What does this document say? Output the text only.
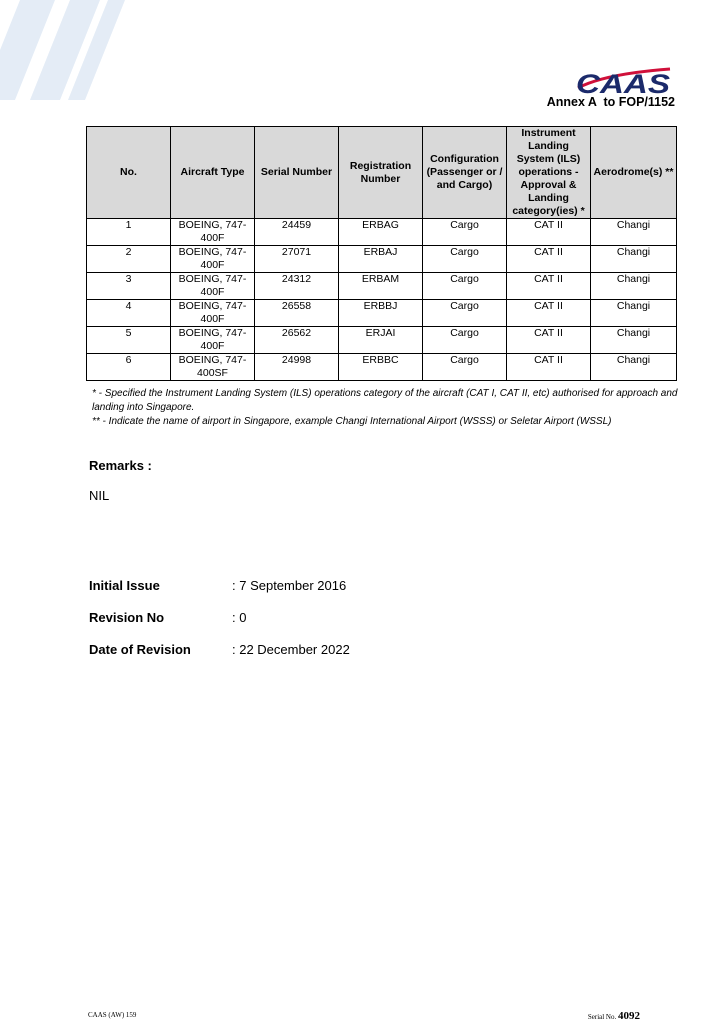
CAAS
Annex A  to FOP/1152
No.	Aircraft Type	Serial Number	Registration Number	Configuration (Passenger or / and Cargo)	Instrument Landing System (ILS) operations - Approval & Landing category(ies) *	Aerodrome(s) **
1	BOEING, 747-400F	24459	ERBAG	Cargo	CAT II	Changi
2	BOEING, 747-400F	27071	ERBAJ	Cargo	CAT II	Changi
3	BOEING, 747-400F	24312	ERBAM	Cargo	CAT II	Changi
4	BOEING, 747-400F	26558	ERBBJ	Cargo	CAT II	Changi
5	BOEING, 747-400F	26562	ERJAI	Cargo	CAT II	Changi
6	BOEING, 747-400SF	24998	ERBBC	Cargo	CAT II	Changi

* - Specified the Instrument Landing System (ILS) operations category of the aircraft (CAT I, CAT II, etc) authorised for approach and landing into Singapore.

** - Indicate the name of airport in Singapore, example Changi International Airport (WSSS) or Seletar Airport (WSSL)

Remarks :
NIL
Initial Issue	: 7 September 2016
Revision No	: 0
Date of Revision	: 22 December 2022
CAAS (AW) 159	Serial No. 4092
